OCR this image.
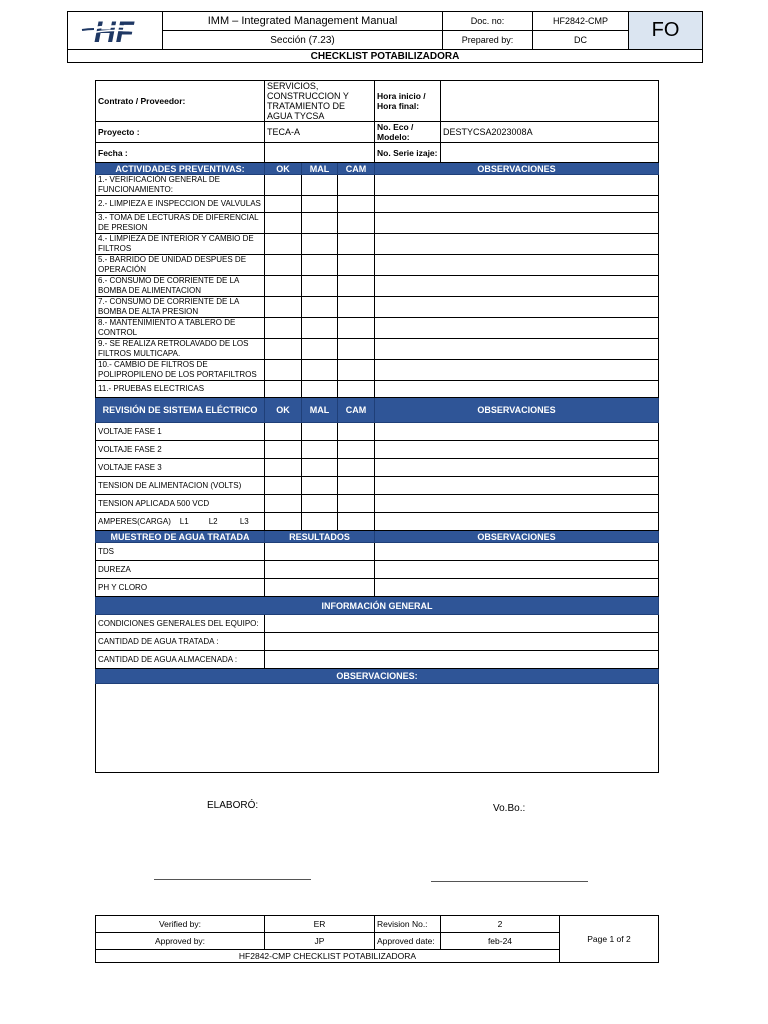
HF	IMM – Integrated Management Manual	Doc. no:	HF2842-CMP	FO
	Sección (7.23)	Prepared by:	DC	
CHECKLIST POTABILIZADORA				
Contrato / Proveedor:	SERVICIOS, CONSTRUCCION Y TRATAMIENTO DE AGUA TYCSA			Hora inicio / Hora final:	
Proyecto :	TECA-A			No. Eco / Modelo:	DESTYCSA2023008A
Fecha :				No. Serie izaje:	
ACTIVIDADES PREVENTIVAS:	OK	MAL	CAM	OBSERVACIONES	
1.- VERIFICACIÓN GENERAL DE FUNCIONAMIENTO:					
2.- LIMPIEZA E INSPECCION DE VALVULAS					
3.- TOMA DE LECTURAS DE DIFERENCIAL DE PRESION					
4.- LIMPIEZA DE INTERIOR Y CAMBIO DE FILTROS					
5.- BARRIDO DE UNIDAD DESPUES DE OPERACIÓN					
6.- CONSUMO DE CORRIENTE DE LA BOMBA DE ALIMENTACION					
7.- CONSUMO DE CORRIENTE DE LA BOMBA DE ALTA PRESION					
8.- MANTENIMIENTO A TABLERO DE CONTROL					
9.- SE REALIZA RETROLAVADO DE LOS FILTROS MULTICAPA.					
10.- CAMBIO DE FILTROS DE POLIPROPILENO DE LOS PORTAFILTROS					
11.- PRUEBAS ELECTRICAS					
REVISIÓN DE SISTEMA ELÉCTRICO	OK	MAL	CAM	OBSERVACIONES	
VOLTAJE FASE 1					
VOLTAJE FASE 2					
VOLTAJE FASE 3					
TENSION DE ALIMENTACION (VOLTS)					
TENSION APLICADA 500 VCD					
AMPERES(CARGA)    L1         L2          L3					
MUESTREO DE AGUA TRATADA	RESULTADOS			OBSERVACIONES	
TDS					
DUREZA					
PH Y CLORO					
INFORMACIÓN GENERAL					
CONDICIONES GENERALES DEL EQUIPO:					
CANTIDAD DE AGUA TRATADA :					
CANTIDAD DE AGUA ALMACENADA :					
OBSERVACIONES:					

ELABORÓ:	Vo.Bo.:
Verified by:	ER	Revision No.:	2	Page 1 of 2
Approved by:	JP	Approved date:	feb-24	
HF2842-CMP CHECKLIST POTABILIZADORA				
